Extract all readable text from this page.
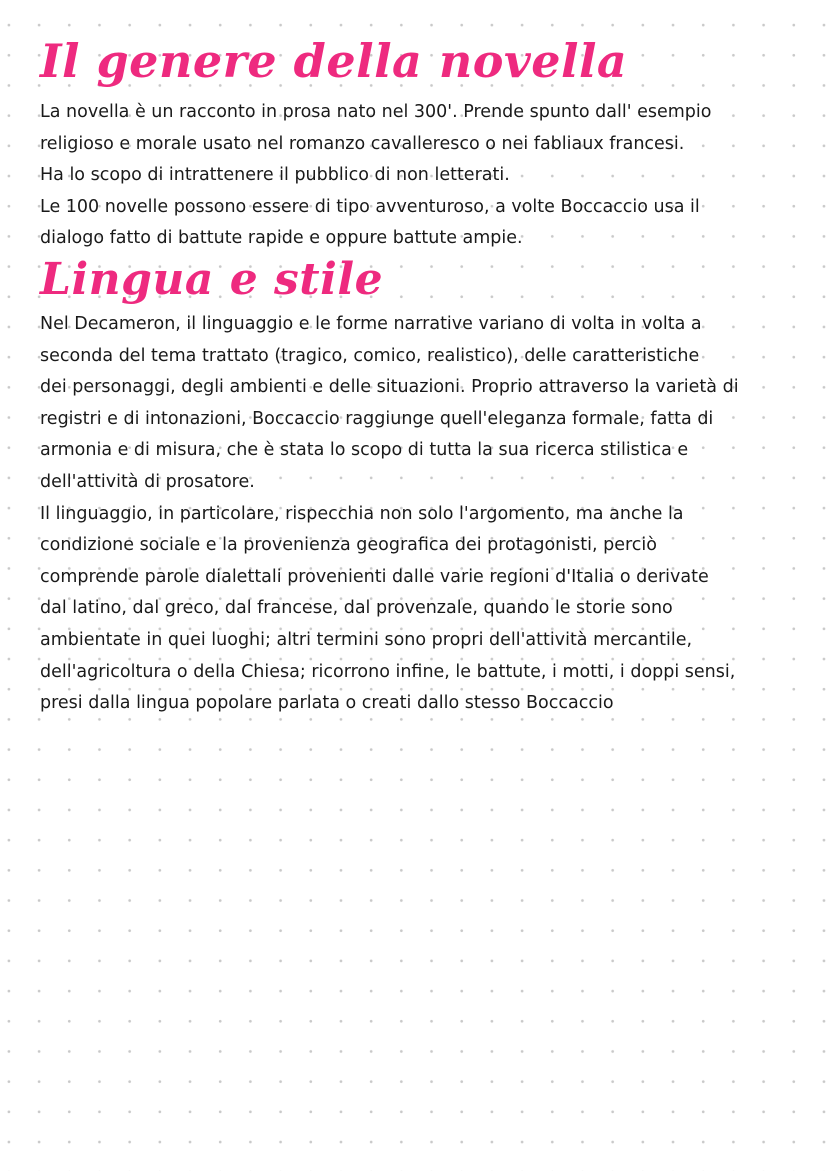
Il genere della novella
La novella è un racconto in prosa nato nel 300'. Prende spunto dall' esempio
religioso e morale usato nel romanzo cavalleresco o nei fabliaux francesi.
Ha lo scopo di intrattenere il pubblico di non letterati.
Le 100 novelle possono essere di tipo avventuroso, a volte Boccaccio usa il
dialogo fatto di battute rapide e oppure battute ampie.
Lingua e stile
Nel Decameron, il linguaggio e le forme narrative variano di volta in volta a
seconda del tema trattato (tragico, comico, realistico), delle caratteristiche
dei personaggi, degli ambienti e delle situazioni. Proprio attraverso la varietà di
registri e di intonazioni, Boccaccio raggiunge quell'eleganza formale, fatta di
armonia e di misura, che è stata lo scopo di tutta la sua ricerca stilistica e
dell'attività di prosatore.
Il linguaggio, in particolare, rispecchia non solo l'argomento, ma anche la
condizione sociale e la provenienza geografica dei protagonisti, perciò
comprende parole dialettali provenienti dalle varie regioni d'Italia o derivate
dal latino, dal greco, dal francese, dal provenzale, quando le storie sono
ambientate in quei luoghi; altri termini sono propri dell'attività mercantile,
dell'agricoltura o della Chiesa; ricorrono infine, le battute, i motti, i doppi sensi,
presi dalla lingua popolare parlata o creati dallo stesso Boccaccio
